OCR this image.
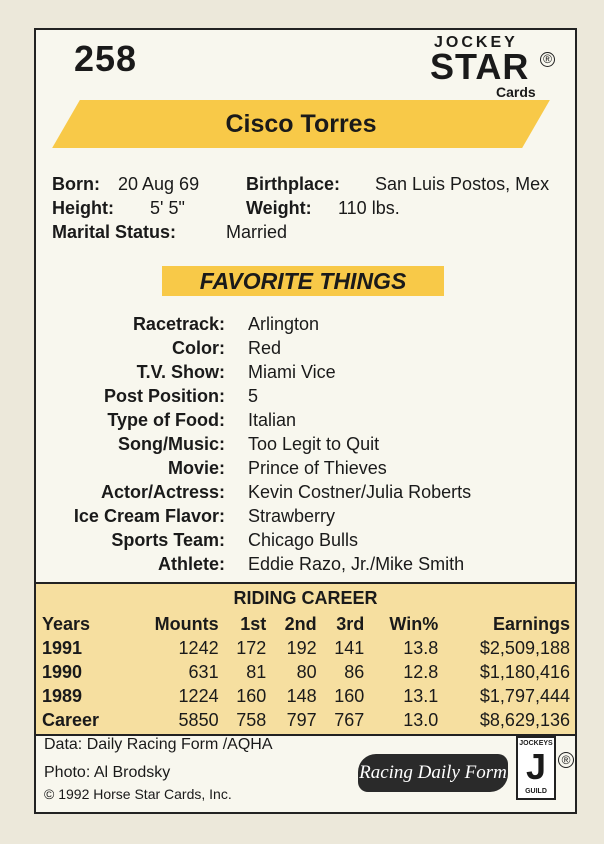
258	JOCKEY
STAR ®
Cards
Cisco Torres
Born: 20 Aug 69	Birthplace: San Luis Postos, Mex
Height: 5' 5"	Weight: 110 lbs.
Marital Status:	Married
FAVORITE THINGS
Racetrack: Arlington
Color: Red
T.V. Show: Miami Vice
Post Position: 5
Type of Food: Italian
Song/Music: Too Legit to Quit
Movie: Prince of Thieves
Actor/Actress: Kevin Costner/Julia Roberts
Ice Cream Flavor: Strawberry
Sports Team: Chicago Bulls
Athlete: Eddie Razo, Jr./Mike Smith
RIDING CAREER
Years	Mounts	1st	2nd	3rd	Win%	Earnings
1991	1242	172	192	141	13.8	$2,509,188
1990	631	81	80	86	12.8	$1,180,416
1989	1224	160	148	160	13.1	$1,797,444
Career	5850	758	797	767	13.0	$8,629,136
Data: Daily Racing Form /AQHA
Photo: Al Brodsky
© 1992 Horse Star Cards, Inc.
Racing Daily Form
JOCKEYS
J
GUILD
®
